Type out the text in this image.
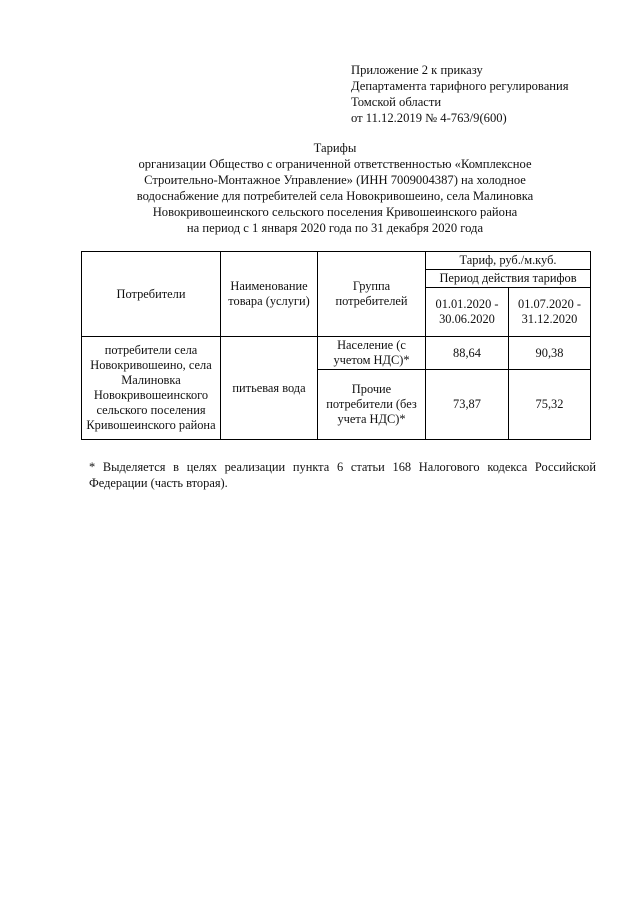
Приложение 2 к приказу
Департамента тарифного регулирования
Томской области
от 11.12.2019 № 4-763/9(600)
Тарифы
организации Общество с ограниченной ответственностью «Комплексное
Строительно-Монтажное Управление» (ИНН 7009004387) на холодное
водоснабжение для потребителей села Новокривошеино, села Малиновка
Новокривошеинского сельского поселения Кривошеинского района
на период с 1 января 2020 года по 31 декабря 2020 года
Потребители	Наименование товара (услуги)	Группа потребителей	Тариф, руб./м.куб.	
			Период действия тарифов	
			01.01.2020 - 30.06.2020	01.07.2020 - 31.12.2020
потребители села Новокривошеино, села Малиновка Новокривошеинского сельского поселения Кривошеинского района	питьевая вода	Население (с учетом НДС)*	88,64	90,38
		Прочие потребители (без учета НДС)*	73,87	75,32
* Выделяется в целях реализации пункта 6 статьи 168 Налогового кодекса Российской Федерации (часть вторая).
